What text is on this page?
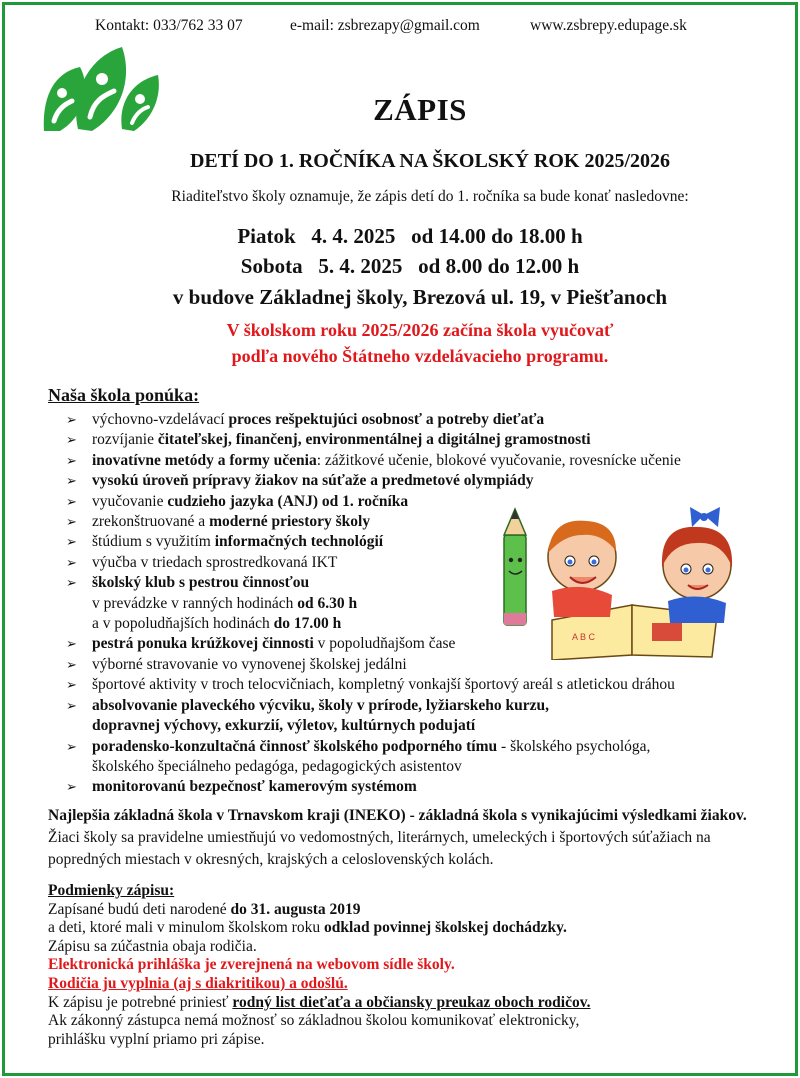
Kontakt: 033/762 33 07	e-mail: zsbrezapy@gmail.com	www.zsbrepy.edupage.sk
ZÁPIS
DETÍ DO 1. ROČNÍKA NA ŠKOLSKÝ ROK 2025/2026
Riaditeľstvo školy oznamuje, že zápis detí do 1. ročníka sa bude konať nasledovne:
Piatok   4. 4. 2025   od 14.00 do 18.00 h
Sobota   5. 4. 2025   od 8.00 do 12.00 h
v budove Základnej školy, Brezová ul. 19, v Piešťanoch
V školskom roku 2025/2026 začína škola vyučovať
podľa nového Štátneho vzdelávacieho programu.
Naša škola ponúka:
➢ výchovno-vzdelávací proces rešpektujúci osobnosť a potreby dieťaťa
➢ rozvíjanie čitateľskej, finančenj, environmentálnej a digitálnej gramostnosti
➢ inovatívne metódy a formy učenia: zážitkové učenie, blokové vyučovanie, rovesnícke učenie
➢ vysokú úroveň prípravy žiakov na súťaže a predmetové olympiády
➢ vyučovanie cudzieho jazyka (ANJ) od 1. ročníka
➢ zrekonštruované a moderné priestory školy
➢ štúdium s využitím informačných technológií
➢ výučba v triedach sprostredkovaná IKT
➢ školský klub s pestrou činnosťou
v prevádzke v ranných hodinách od 6.30 h
a v popoludňajších hodinách do 17.00 h
➢ pestrá ponuka krúžkovej činnosti v popoludňajšom čase
➢ výborné stravovanie vo vynovenej školskej jedálni
➢ športové aktivity v troch telocvičniach, kompletný vonkajší športový areál s atletickou dráhou
➢ absolvovanie plaveckého výcviku, školy v prírode, lyžiarskeho kurzu,
dopravnej výchovy, exkurzií, výletov, kultúrnych podujatí
➢ poradensko-konzultačná činnosť školského podporného tímu - školského psychológa,
školského špeciálneho pedagóga, pedagogických asistentov
➢ monitorovanú bezpečnosť kamerovým systémom
A B C
Najlepšia základná škola v Trnavskom kraji (INEKO) - základná škola s vynikajúcimi výsledkami žiakov. Žiaci školy sa pravidelne umiestňujú vo vedomostných, literárnych, umeleckých i športových súťažiach na popredných miestach v okresných, krajských a celoslovenských kolách.
Podmienky zápisu:
Zapísané budú deti narodené do 31. augusta 2019
a deti, ktoré mali v minulom školskom roku odklad povinnej školskej dochádzky.
Zápisu sa zúčastnia obaja rodičia.
Elektronická prihláška je zverejnená na webovom sídle školy.
Rodičia ju vyplnia (aj s diakritikou) a odošlú.
K zápisu je potrebné priniesť rodný list dieťaťa a občiansky preukaz oboch rodičov.
Ak zákonný zástupca nemá možnosť so základnou školou komunikovať elektronicky,
prihlášku vyplní priamo pri zápise.
